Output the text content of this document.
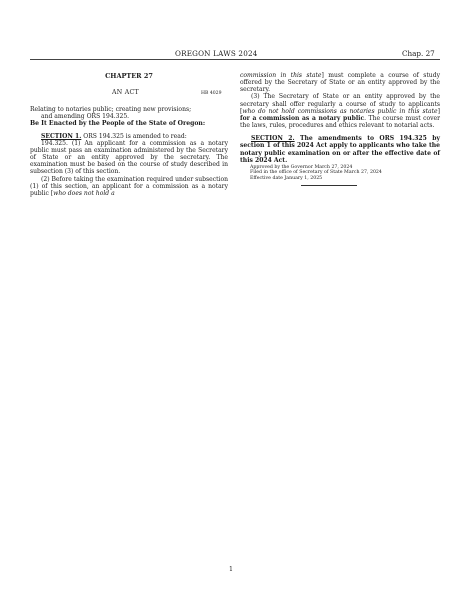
OREGON LAWS 2024	Chap. 27
CHAPTER 27
AN ACT	HB 4029

Relating to notaries public; creating new provisions;

and amending ORS 194.325.

Be It Enacted by the People of the State of Oregon:

SECTION 1. ORS 194.325 is amended to read:

194.325. (1) An applicant for a commission as a notary public must pass an examination administered by the Secretary of State or an entity approved by the secretary. The examination must be based on the course of study described in subsection (3) of this section.

(2) Before taking the examination required under subsection (1) of this section, an applicant for a commission as a notary public [who does not hold a

commission in this state] must complete a course of study offered by the Secretary of State or an entity approved by the secretary.

(3) The Secretary of State or an entity approved by the secretary shall offer regularly a course of study to applicants [who do not hold commissions as notaries public in this state] for a commission as a notary public. The course must cover the laws, rules, procedures and ethics relevant to notarial acts.

SECTION 2. The amendments to ORS 194.325 by section 1 of this 2024 Act apply to applicants who take the notary public examination on or after the effective date of this 2024 Act.

Approved by the Governor March 27, 2024
Filed in the office of Secretary of State March 27, 2024
Effective date January 1, 2025
1
